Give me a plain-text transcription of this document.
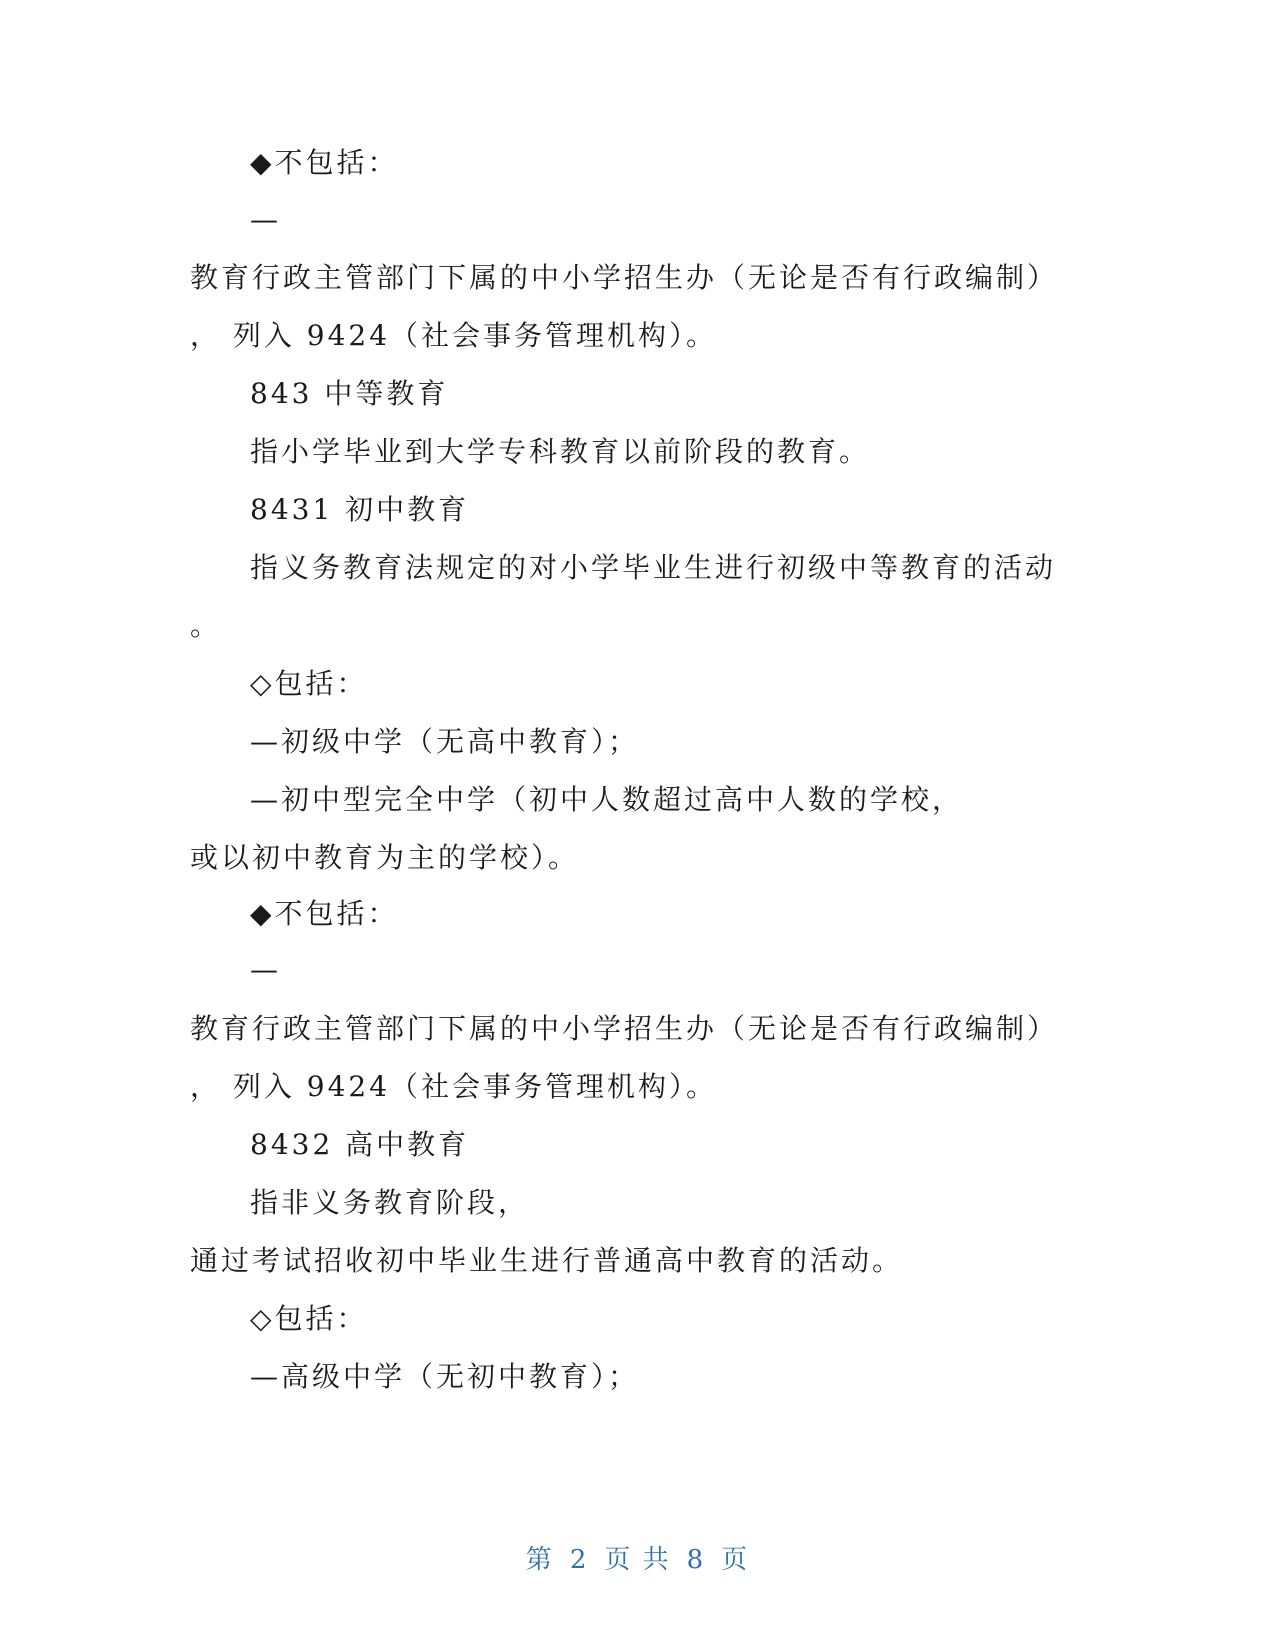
◆不包括：
—
教育行政主管部门下属的中小学招生办（无论是否有行政编制）
， 列入 9424（社会事务管理机构）。
843 中等教育
指小学毕业到大学专科教育以前阶段的教育。
8431 初中教育
指义务教育法规定的对小学毕业生进行初级中等教育的活动
。
◇包括：
—初级中学（无高中教育）；
—初中型完全中学（初中人数超过高中人数的学校，
或以初中教育为主的学校）。
◆不包括：
—
教育行政主管部门下属的中小学招生办（无论是否有行政编制）
， 列入 9424（社会事务管理机构）。
8432 高中教育
指非义务教育阶段，
通过考试招收初中毕业生进行普通高中教育的活动。
◇包括：
—高级中学（无初中教育）；
第 2 页 共 8 页
